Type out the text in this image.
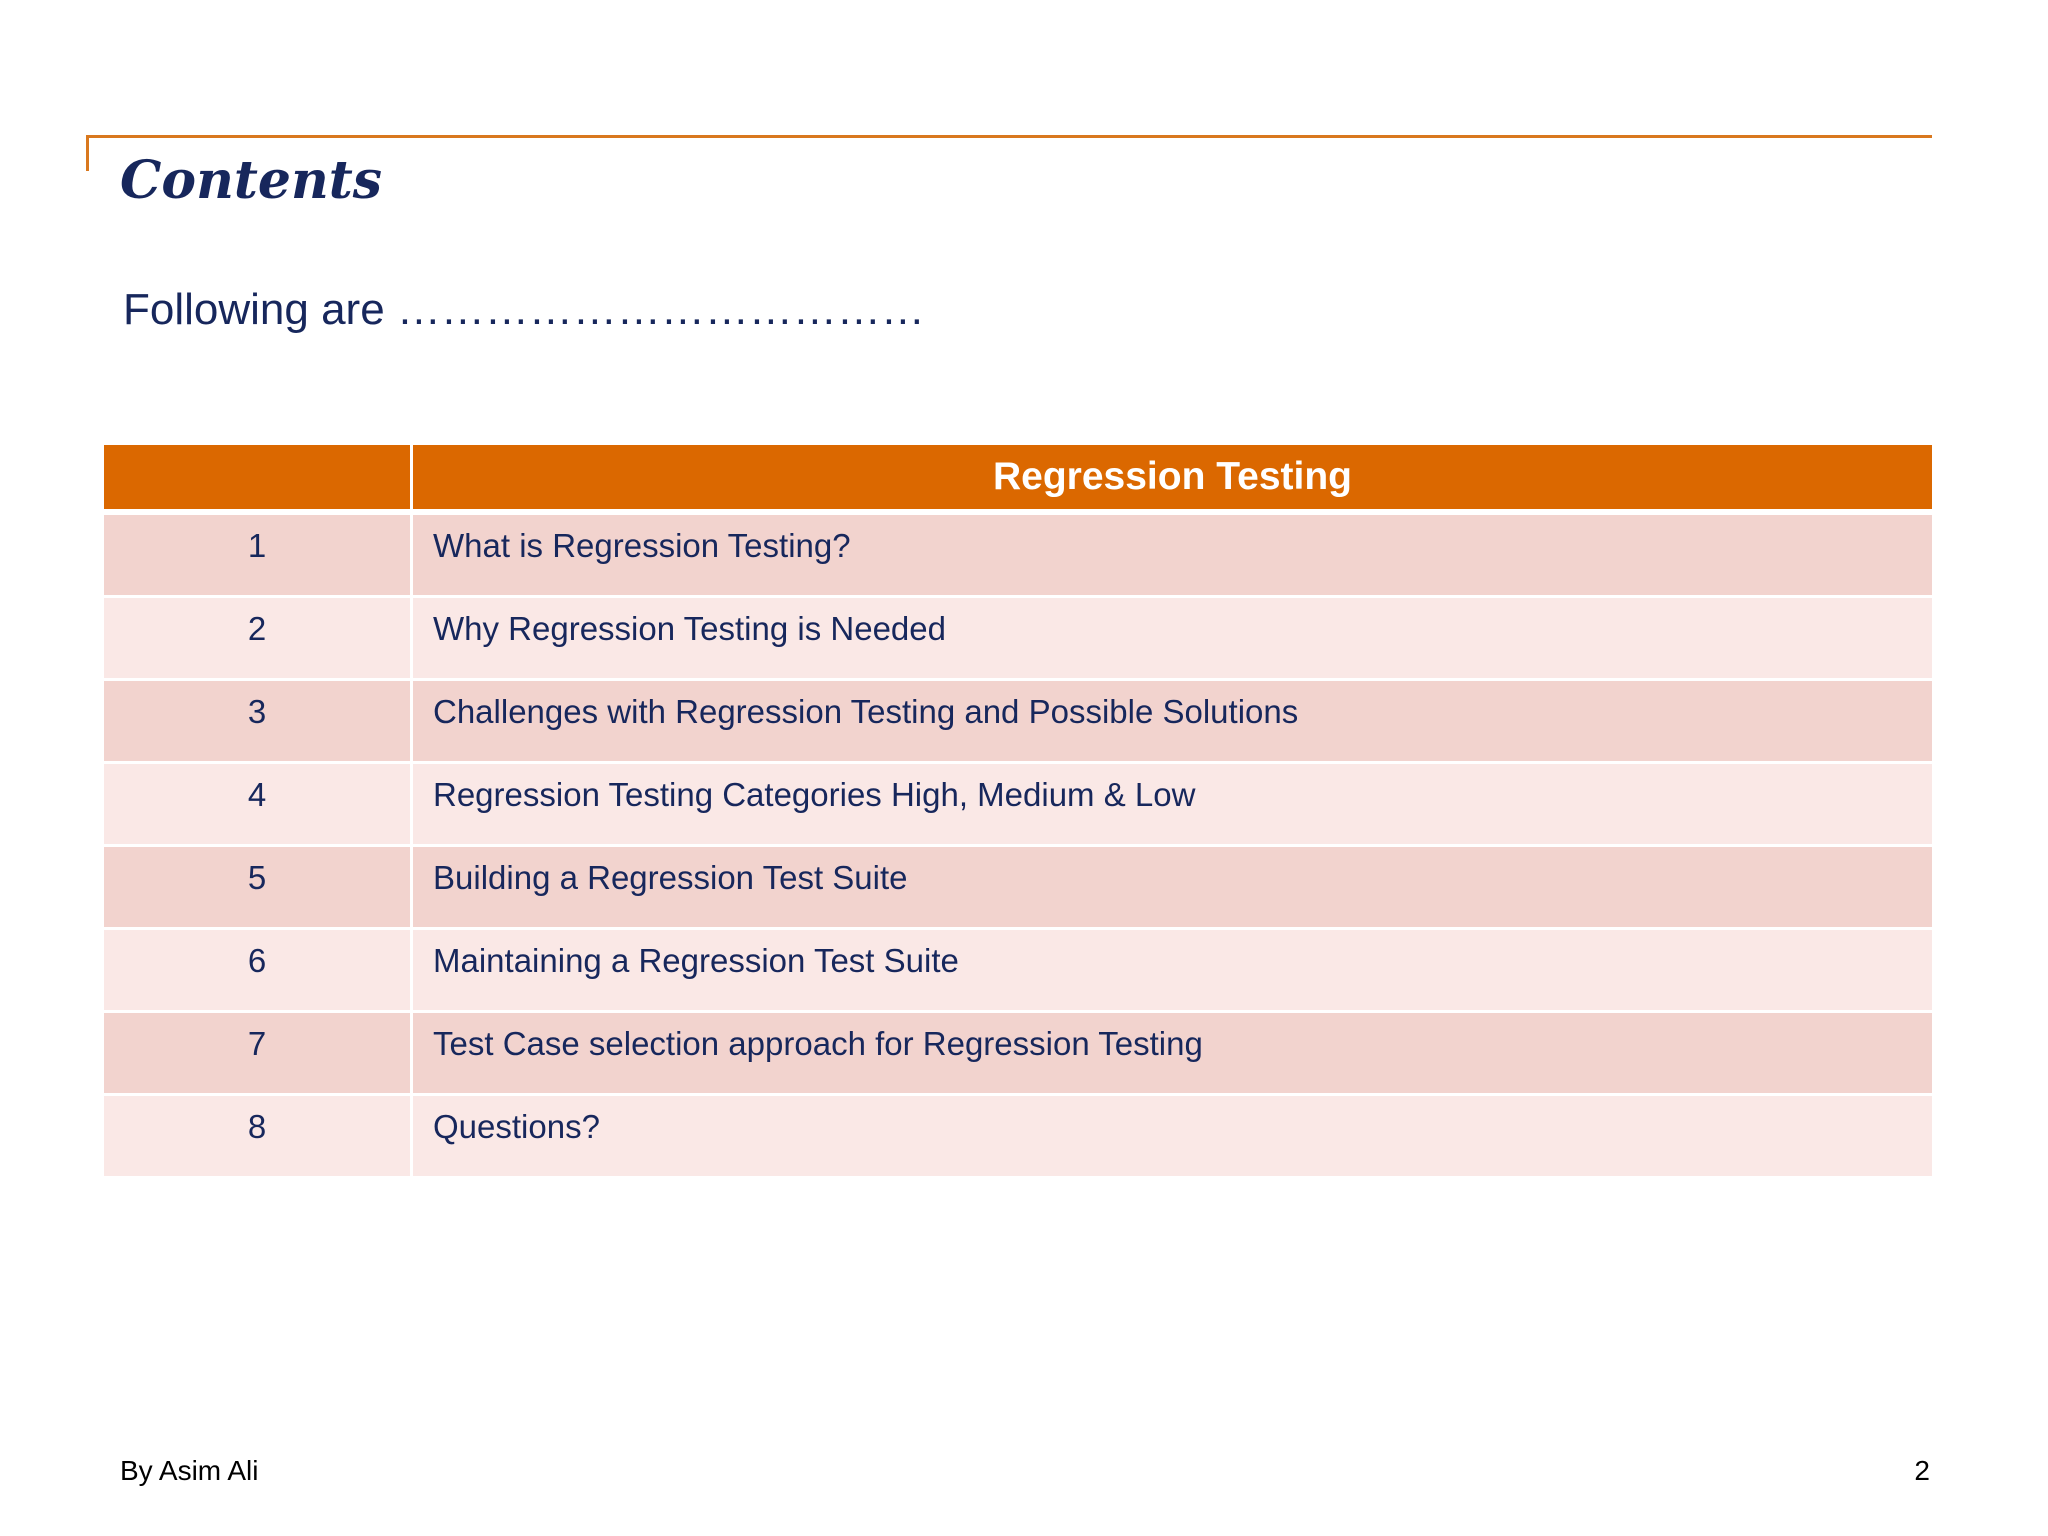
Contents

Following are ………………………………

	Regression Testing

1	What is Regression Testing?

2	Why Regression Testing is Needed

3	Challenges with Regression Testing and Possible Solutions

4	Regression Testing Categories High, Medium & Low

5	Building a Regression Test Suite

6	Maintaining a Regression Test Suite

7	Test Case selection approach for Regression Testing

8	Questions?
By Asim Ali	2
